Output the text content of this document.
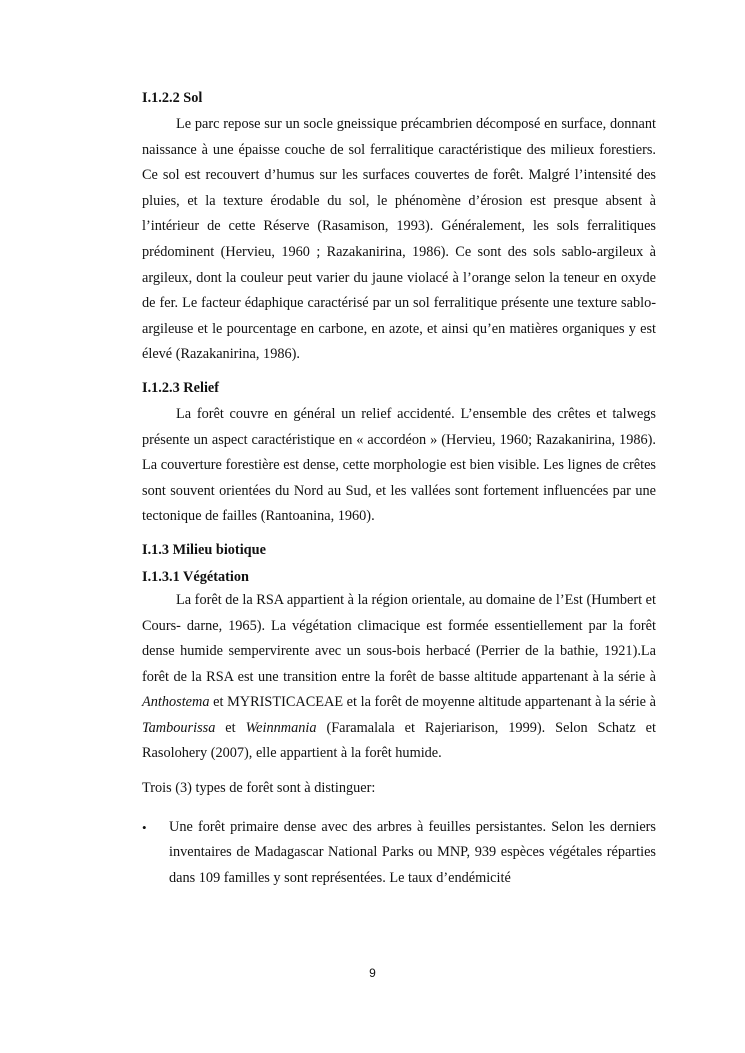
I.1.2.2 Sol

Le parc repose sur un socle gneissique précambrien décomposé en surface, donnant naissance à une épaisse couche de sol ferralitique caractéristique des milieux forestiers. Ce sol est recouvert d’humus sur les surfaces couvertes de forêt. Malgré l’intensité des pluies, et la texture érodable du sol, le phénomène d’érosion est presque absent à l’intérieur de cette Réserve (Rasamison, 1993). Généralement, les sols ferralitiques prédominent (Hervieu, 1960 ; Razakanirina, 1986). Ce sont des sols sablo-argileux à argileux, dont la couleur peut varier du jaune violacé à l’orange selon la teneur en oxyde de fer. Le facteur édaphique caractérisé par un sol ferralitique présente une texture sablo-argileuse et le pourcentage en carbone, en azote, et ainsi qu’en matières organiques y est élevé (Razakanirina, 1986).

I.1.2.3 Relief

La forêt couvre en général un relief accidenté. L’ensemble des crêtes et talwegs présente un aspect caractéristique en « accordéon » (Hervieu, 1960; Razakanirina, 1986). La couverture forestière est dense, cette morphologie est bien visible. Les lignes de crêtes sont souvent orientées du Nord au Sud, et les vallées sont fortement influencées par une tectonique de failles (Rantoanina, 1960).

I.1.3 Milieu biotique

I.1.3.1 Végétation

La forêt de la RSA appartient à la région orientale, au domaine de l’Est (Humbert et Cours- darne, 1965). La végétation climacique est formée essentiellement par la forêt dense humide sempervirente avec un sous-bois herbacé (Perrier de la bathie, 1921).La forêt de la RSA est une transition entre la forêt de basse altitude appartenant à la série à Anthostema et MYRISTICACEAE et la forêt de moyenne altitude appartenant à la série à Tambourissa et Weinnmania (Faramalala et Rajeriarison, 1999). Selon Schatz et Rasolohery (2007), elle appartient à la forêt humide.

Trois (3) types de forêt sont à distinguer:

• Une forêt primaire dense avec des arbres à feuilles persistantes. Selon les derniers inventaires de Madagascar National Parks ou MNP, 939 espèces végétales réparties dans 109 familles y sont représentées. Le taux d’endémicité
9
